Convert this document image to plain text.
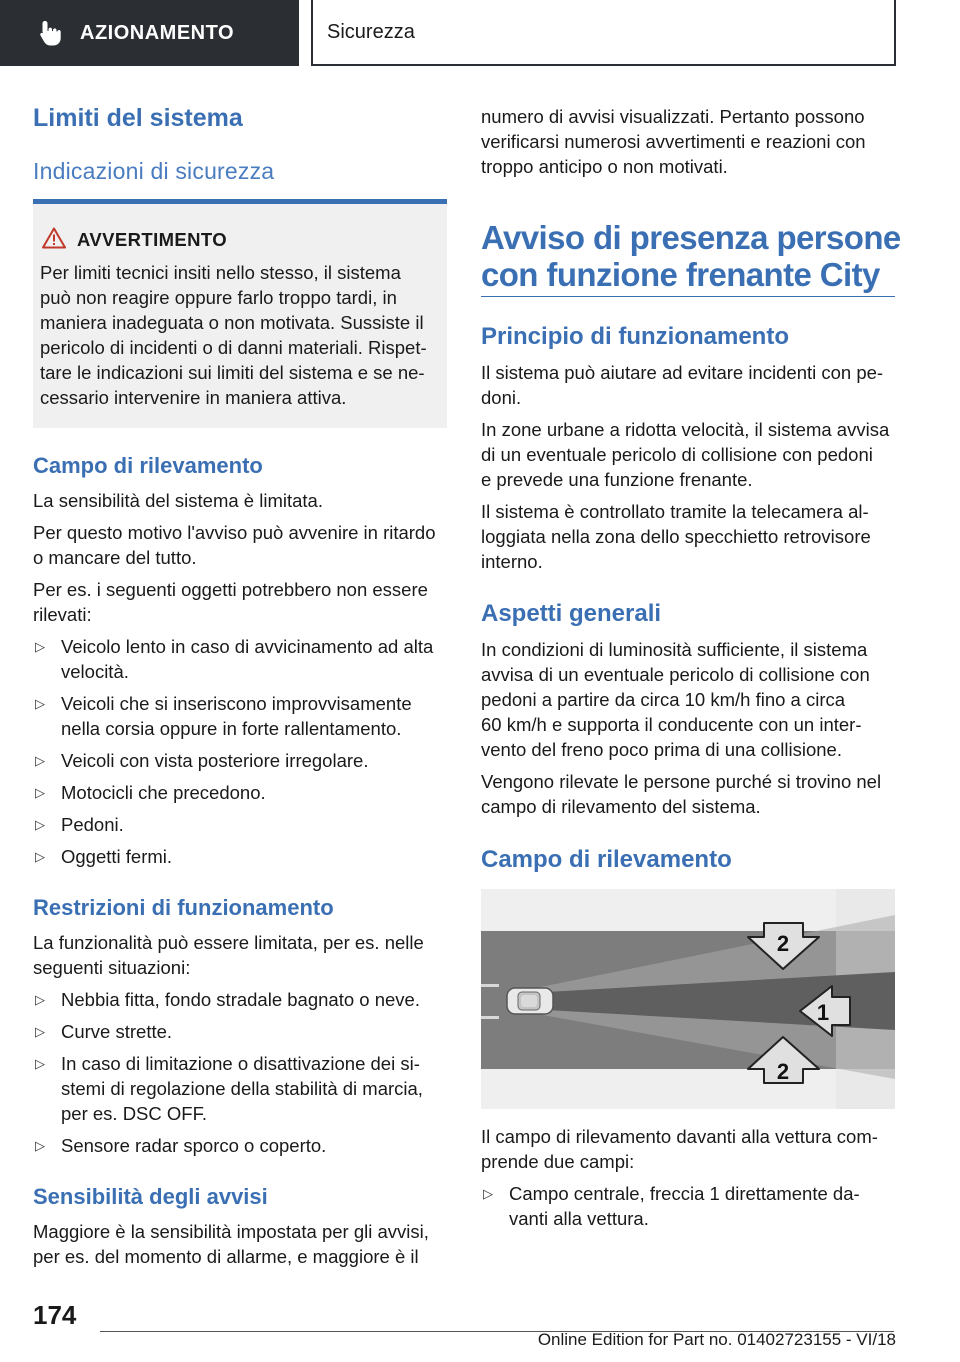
AZIONAMENTO	Sicurezza
Limiti del sistema
Indicazioni di sicurezza
AVVERTIMENTO
Per limiti tecnici insiti nello stesso, il sistema
può non reagire oppure farlo troppo tardi, in
maniera inadeguata o non motivata. Sussiste il
pericolo di incidenti o di danni materiali. Rispet-
tare le indicazioni sui limiti del sistema e se ne-
cessario intervenire in maniera attiva.
Campo di rilevamento

La sensibilità del sistema è limitata.

Per questo motivo l'avviso può avvenire in ritardo
o mancare del tutto.

Per es. i seguenti oggetti potrebbero non essere
rilevati:

▷ Veicolo lento in caso di avvicinamento ad alta
velocità.
▷ Veicoli che si inseriscono improvvisamente
nella corsia oppure in forte rallentamento.
▷ Veicoli con vista posteriore irregolare.
▷ Motocicli che precedono.
▷ Pedoni.
▷ Oggetti fermi.
Restrizioni di funzionamento

La funzionalità può essere limitata, per es. nelle
seguenti situazioni:

▷ Nebbia fitta, fondo stradale bagnato o neve.
▷ Curve strette.
▷ In caso di limitazione o disattivazione dei si-
stemi di regolazione della stabilità di marcia,
per es. DSC OFF.
▷ Sensore radar sporco o coperto.
Sensibilità degli avvisi

Maggiore è la sensibilità impostata per gli avvisi,
per es. del momento di allarme, e maggiore è il

numero di avvisi visualizzati. Pertanto possono
verificarsi numerosi avvertimenti e reazioni con
troppo anticipo o non motivati.

Avviso di presenza persone
con funzione frenante City
Principio di funzionamento

Il sistema può aiutare ad evitare incidenti con pe-
doni.

In zone urbane a ridotta velocità, il sistema avvisa
di un eventuale pericolo di collisione con pedoni
e prevede una funzione frenante.

Il sistema è controllato tramite la telecamera al-
loggiata nella zona dello specchietto retrovisore
interno.

Aspetti generali

In condizioni di luminosità sufficiente, il sistema
avvisa di un eventuale pericolo di collisione con
pedoni a partire da circa 10 km/h fino a circa
60 km/h e supporta il conducente con un inter-
vento del freno poco prima di una collisione.

Vengono rilevate le persone purché si trovino nel
campo di rilevamento del sistema.

Campo di rilevamento
2
1
2

Il campo di rilevamento davanti alla vettura com-
prende due campi:

▷ Campo centrale, freccia 1 direttamente da-
vanti alla vettura.
174
Online Edition for Part no. 01402723155 - VI/18
